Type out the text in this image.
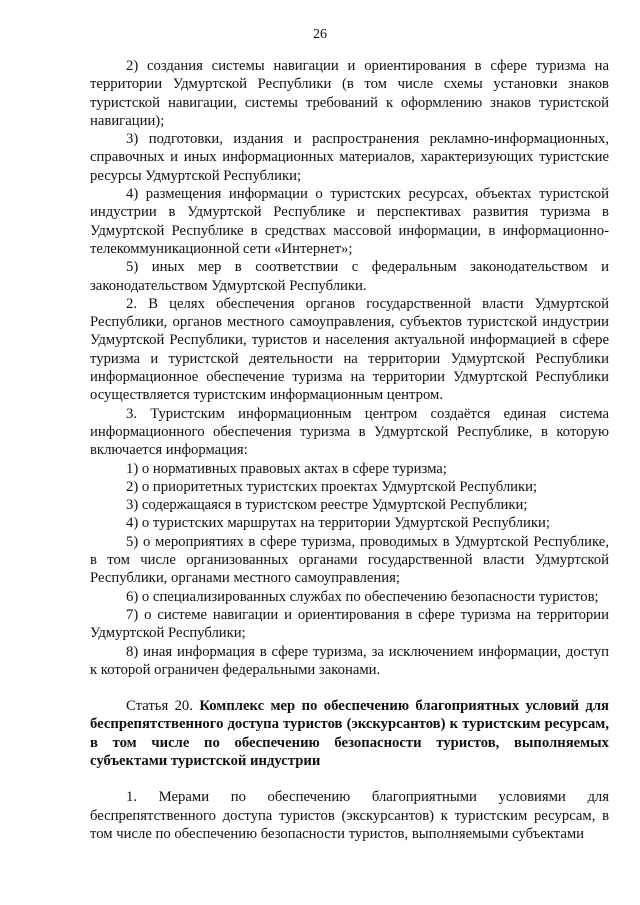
26

2) создания системы навигации и ориентирования в сфере туризма на территории Удмуртской Республики (в том числе схемы установки знаков туристской навигации, системы требований к оформлению знаков туристской навигации);

3) подготовки, издания и распространения рекламно-информационных, справочных и иных информационных материалов, характеризующих туристские ресурсы Удмуртской Республики;

4) размещения информации о туристских ресурсах, объектах туристской индустрии в Удмуртской Республике и перспективах развития туризма в Удмуртской Республике в средствах массовой информации, в информационно-телекоммуникационной сети «Интернет»;

5) иных мер в соответствии с федеральным законодательством и законодательством Удмуртской Республики.

2. В целях обеспечения органов государственной власти Удмуртской Республики, органов местного самоуправления, субъектов туристской индустрии Удмуртской Республики, туристов и населения актуальной информацией в сфере туризма и туристской деятельности на территории Удмуртской Республики информационное обеспечение туризма на территории Удмуртской Республики осуществляется туристским информационным центром.

3. Туристским информационным центром создаётся единая система информационного обеспечения туризма в Удмуртской Республике, в которую включается информация:

1) о нормативных правовых актах в сфере туризма;

2) о приоритетных туристских проектах Удмуртской Республики;

3) содержащаяся в туристском реестре Удмуртской Республики;

4) о туристских маршрутах на территории Удмуртской Республики;

5) о мероприятиях в сфере туризма, проводимых в Удмуртской Республике, в том числе организованных органами государственной власти Удмуртской Республики, органами местного самоуправления;

6) о специализированных службах по обеспечению безопасности туристов;

7) о системе навигации и ориентирования в сфере туризма на территории Удмуртской Республики;

8) иная информация в сфере туризма, за исключением информации, доступ к которой ограничен федеральными законами.

Статья 20. Комплекс мер по обеспечению благоприятных условий для беспрепятственного доступа туристов (экскурсантов) к туристским ресурсам, в том числе по обеспечению безопасности туристов, выполняемых субъектами туристской индустрии

1. Мерами по обеспечению благоприятными условиями для беспрепятственного доступа туристов (экскурсантов) к туристским ресурсам, в том числе по обеспечению безопасности туристов, выполняемыми субъектами
